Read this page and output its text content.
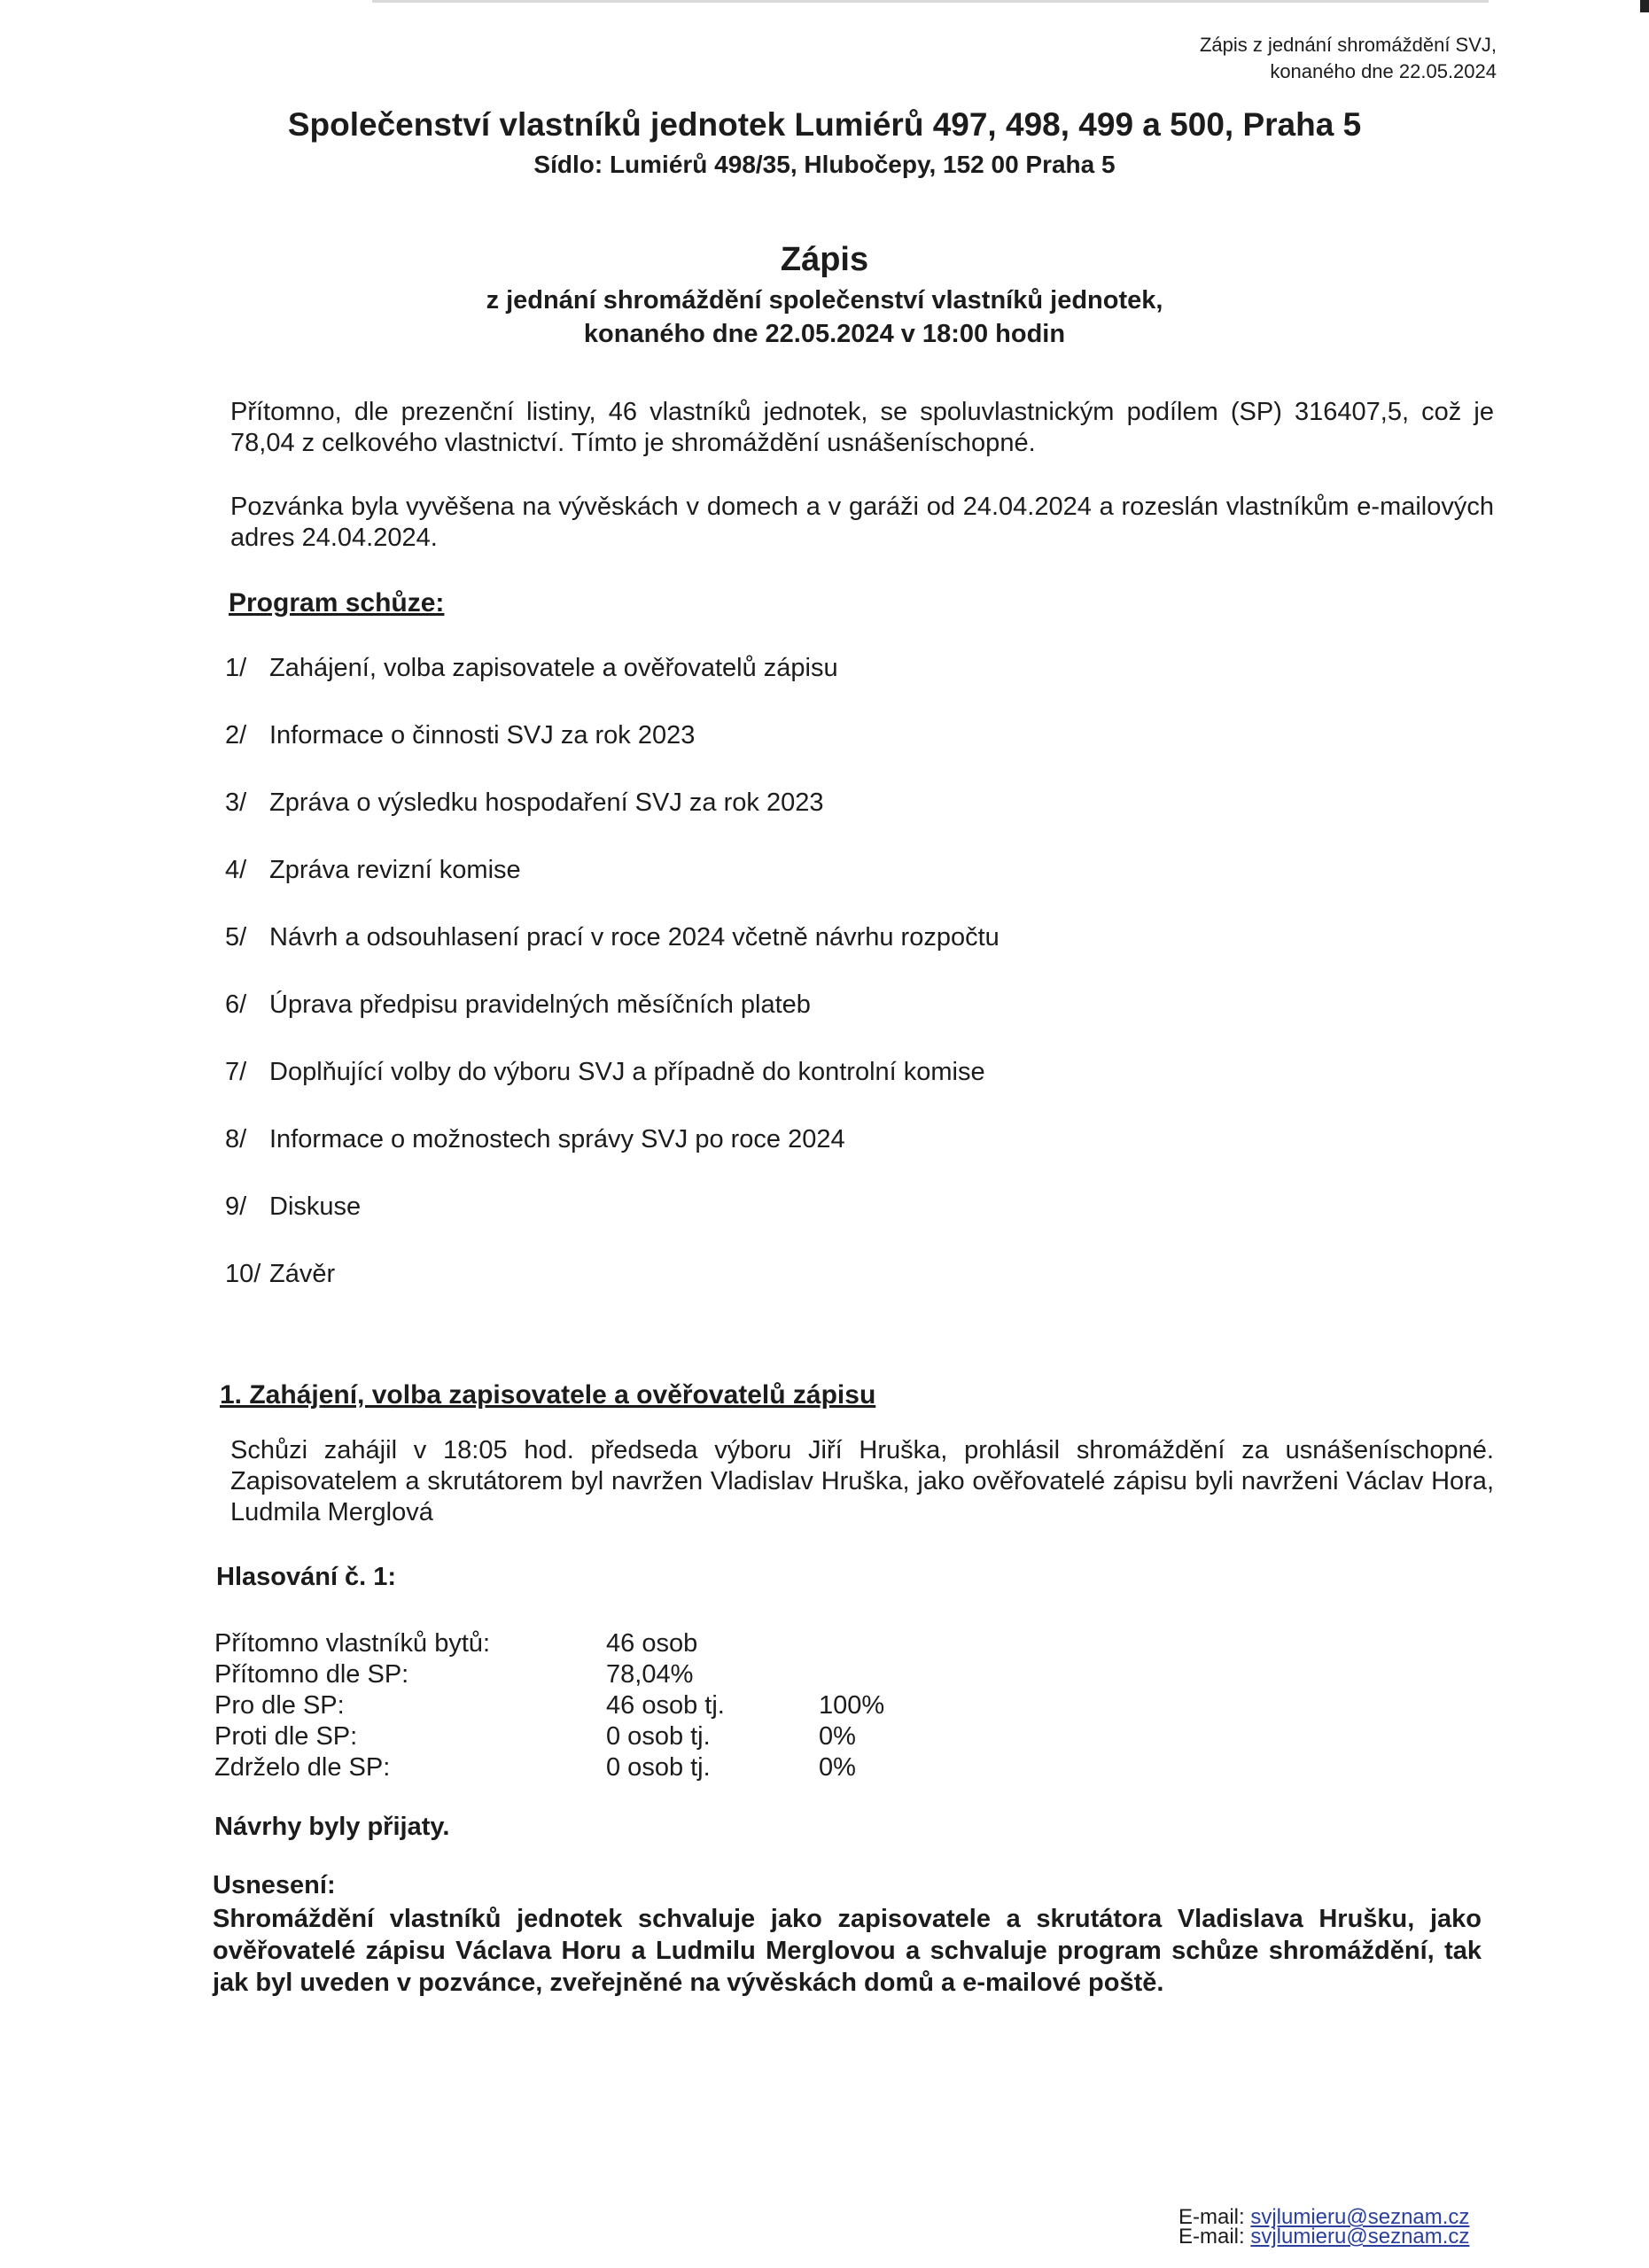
Zápis z jednání shromáždění SVJ,
konaného dne 22.05.2024
Společenství vlastníků jednotek Lumiérů 497, 498, 499 a 500, Praha 5
Sídlo: Lumiérů 498/35, Hlubočepy, 152 00 Praha 5
Zápis
z jednání shromáždění společenství vlastníků jednotek,
konaného dne 22.05.2024 v 18:00 hodin
Přítomno, dle prezenční listiny, 46 vlastníků jednotek, se spoluvlastnickým podílem (SP) 316407,5, což je 78,04 z celkového vlastnictví. Tímto je shromáždění usnášeníschopné.
Pozvánka byla vyvěšena na vývěskách v domech a v garáži od 24.04.2024 a rozeslán vlastníkům e-mailových adres 24.04.2024.
Program schůze:
1/ Zahájení, volba zapisovatele a ověřovatelů zápisu
2/ Informace o činnosti SVJ za rok 2023
3/ Zpráva o výsledku hospodaření SVJ za rok 2023
4/ Zpráva revizní komise
5/ Návrh a odsouhlasení prací v roce 2024 včetně návrhu rozpočtu
6/ Úprava předpisu pravidelných měsíčních plateb
7/ Doplňující volby do výboru SVJ a případně do kontrolní komise
8/ Informace o možnostech správy SVJ po roce 2024
9/ Diskuse
10/ Závěr
1. Zahájení, volba zapisovatele a ověřovatelů zápisu
Schůzi zahájil v 18:05 hod. předseda výboru Jiří Hruška, prohlásil shromáždění za usnášeníschopné. Zapisovatelem a skrutátorem byl navržen Vladislav Hruška, jako ověřovatelé zápisu byli navrženi Václav Hora, Ludmila Merglová
Hlasování č. 1:
Přítomno vlastníků bytů:	46 osob	
Přítomno dle SP:	78,04%	
Pro dle SP:	46 osob tj.	100%
Proti dle SP:	0 osob tj.	0%
Zdrželo dle SP:	0 osob tj.	0%
Návrhy byly přijaty.
Usnesení:
Shromáždění vlastníků jednotek schvaluje jako zapisovatele a skrutátora Vladislava Hrušku, jako ověřovatelé zápisu Václava Horu a Ludmilu Merglovou a schvaluje program schůze shromáždění, tak jak byl uveden v pozvánce, zveřejněné na vývěskách domů a e-mailové poště.
E-mail: svjlumieru@seznam.cz
E-mail: svjlumieru@seznam.cz
